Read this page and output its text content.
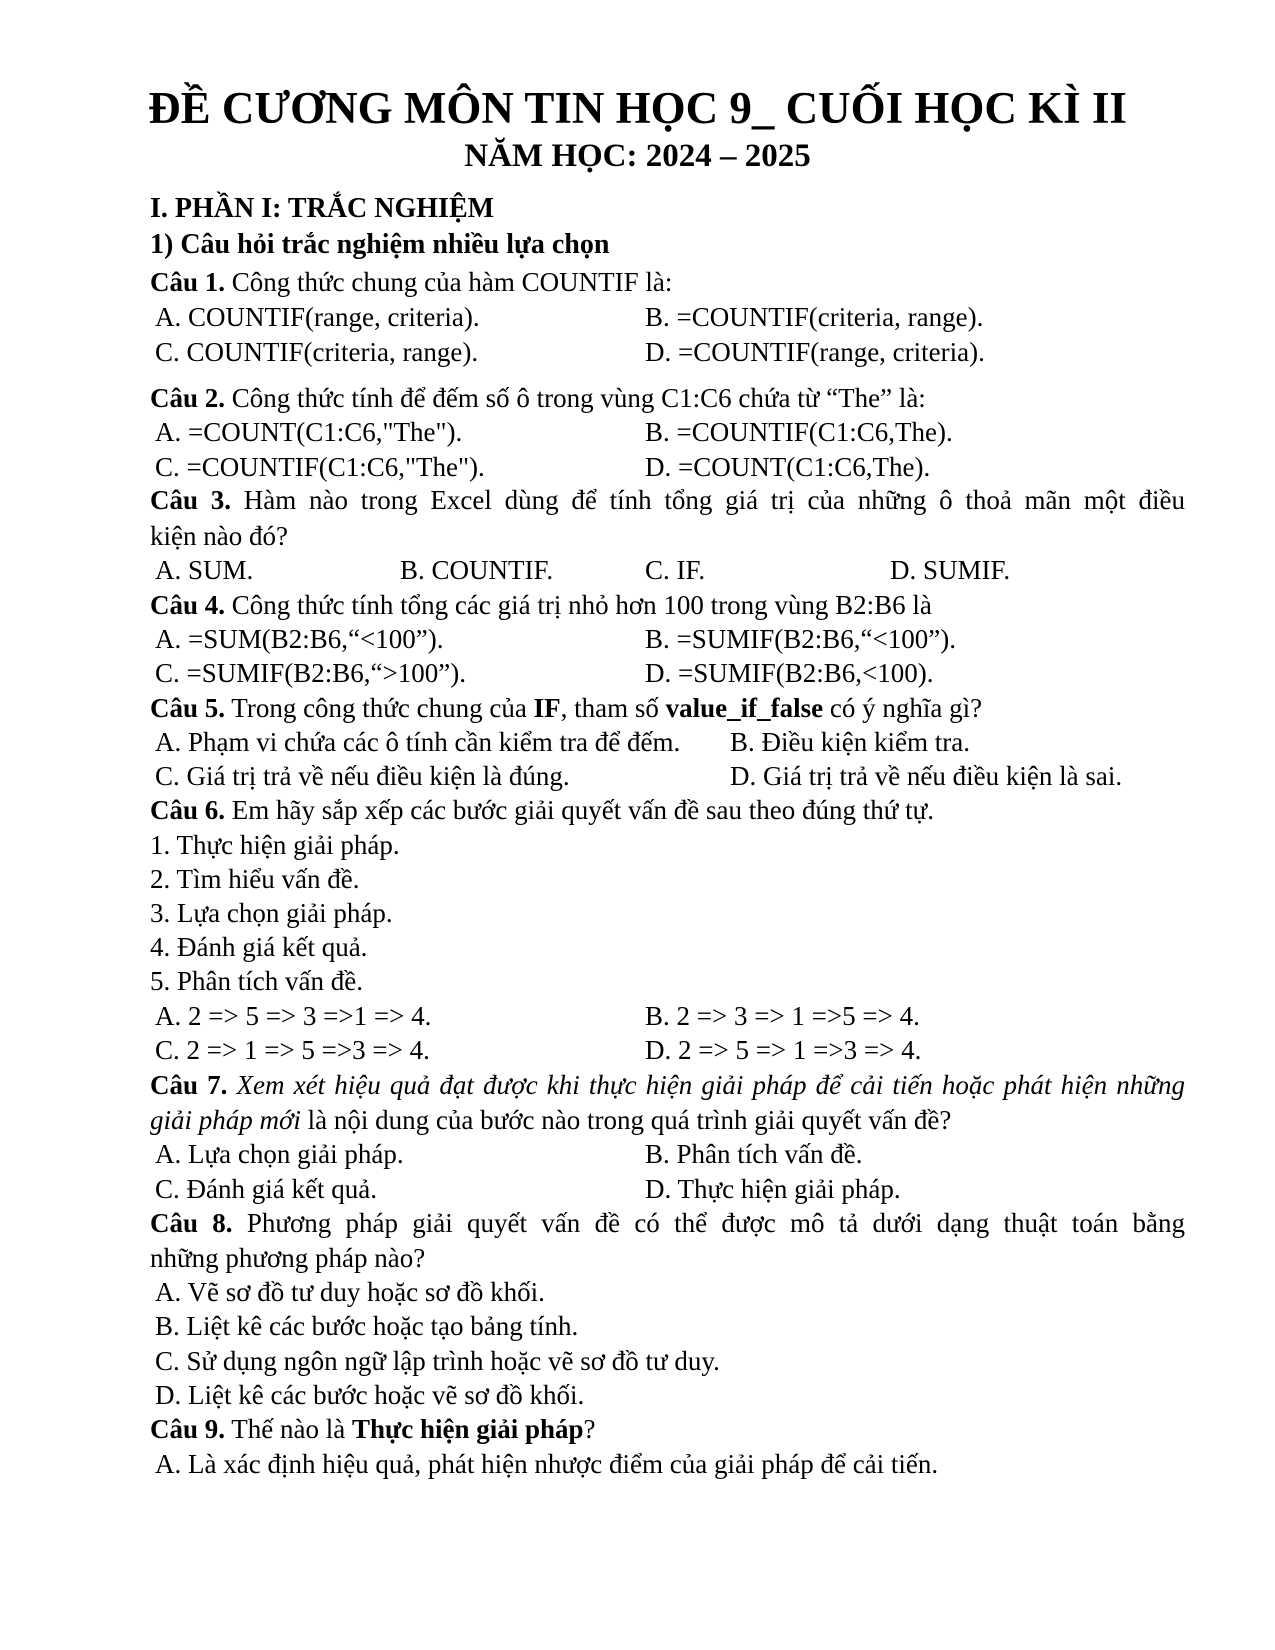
ĐỀ CƯƠNG MÔN TIN HỌC 9_ CUỐI HỌC KÌ II
NĂM HỌC: 2024 – 2025
I. PHẦN I: TRẮC NGHIỆM
1) Câu hỏi trắc nghiệm nhiều lựa chọn
Câu 1. Công thức chung của hàm COUNTIF là:
A. COUNTIF(range, criteria).	B. =COUNTIF(criteria, range).
C. COUNTIF(criteria, range).	D. =COUNTIF(range, criteria).
Câu 2. Công thức tính để đếm số ô trong vùng C1:C6 chứa từ “The” là:
A. =COUNT(C1:C6,"The").	B. =COUNTIF(C1:C6,The).
C. =COUNTIF(C1:C6,"The").	D. =COUNT(C1:C6,The).
Câu 3. Hàm nào trong Excel dùng để tính tổng giá trị của những ô thoả mãn một điều
kiện nào đó?
A. SUM.	B. COUNTIF.	C. IF.	D. SUMIF.
Câu 4. Công thức tính tổng các giá trị nhỏ hơn 100 trong vùng B2:B6 là
A. =SUM(B2:B6,“<100”).	B. =SUMIF(B2:B6,“<100”).
C. =SUMIF(B2:B6,“>100”).	D. =SUMIF(B2:B6,<100).
Câu 5. Trong công thức chung của IF, tham số value_if_false có ý nghĩa gì?
A. Phạm vi chứa các ô tính cần kiểm tra để đếm. B. Điều kiện kiểm tra.
C. Giá trị trả về nếu điều kiện là đúng.	D. Giá trị trả về nếu điều kiện là sai.
Câu 6. Em hãy sắp xếp các bước giải quyết vấn đề sau theo đúng thứ tự.
1. Thực hiện giải pháp.
2. Tìm hiểu vấn đề.
3. Lựa chọn giải pháp.
4. Đánh giá kết quả.
5. Phân tích vấn đề.
A. 2 => 5 => 3 =>1 => 4.	B. 2 => 3 => 1 =>5 => 4.
C. 2 => 1 => 5 =>3 => 4.	D. 2 => 5 => 1 =>3 => 4.
Câu 7. Xem xét hiệu quả đạt được khi thực hiện giải pháp để cải tiến hoặc phát hiện những
giải pháp mới là nội dung của bước nào trong quá trình giải quyết vấn đề?
A. Lựa chọn giải pháp.	B. Phân tích vấn đề.
C. Đánh giá kết quả.	D. Thực hiện giải pháp.
Câu 8. Phương pháp giải quyết vấn đề có thể được mô tả dưới dạng thuật toán bằng
những phương pháp nào?
A. Vẽ sơ đồ tư duy hoặc sơ đồ khối.
B. Liệt kê các bước hoặc tạo bảng tính.
C. Sử dụng ngôn ngữ lập trình hoặc vẽ sơ đồ tư duy.
D. Liệt kê các bước hoặc vẽ sơ đồ khối.
Câu 9. Thế nào là Thực hiện giải pháp?
A. Là xác định hiệu quả, phát hiện nhược điểm của giải pháp để cải tiến.
